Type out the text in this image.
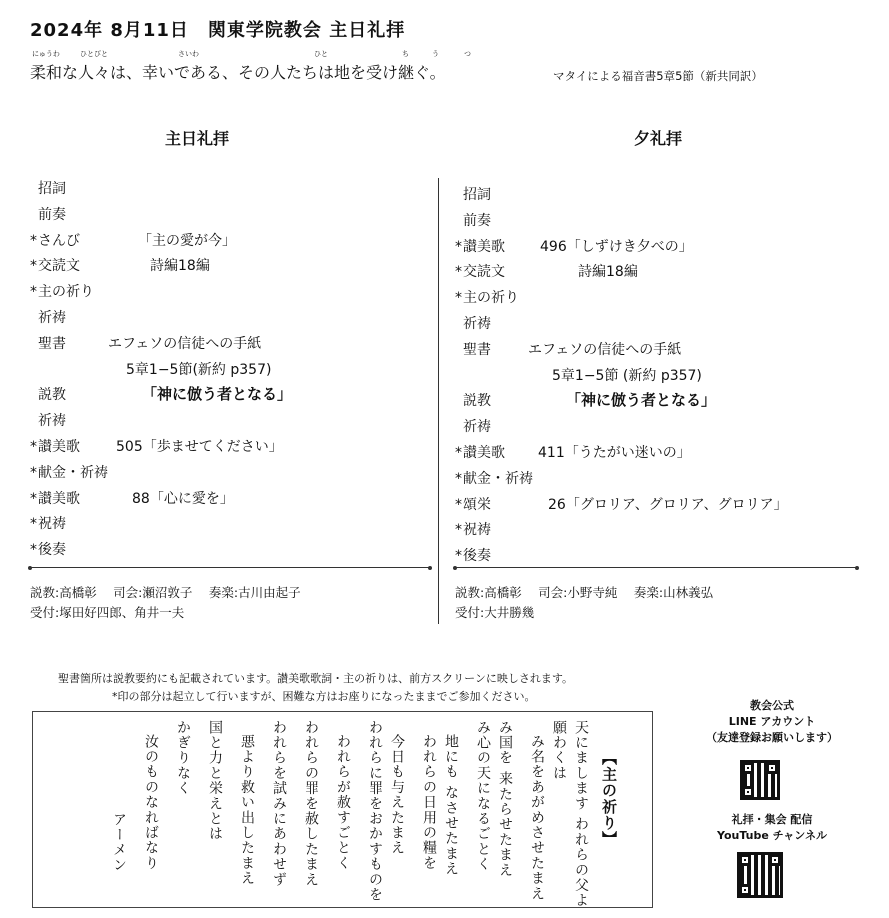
2024年 8月11日　関東学院教会 主日礼拝
にゅうわ	ひとびと	さいわ	ひと	ち	う	つ
柔和な人々は、幸いである、その人たちは地を受け継ぐ。	マタイによる福音書5章5節（新共同訳）
主日礼拝	夕礼拝
招詞
前奏
*さんび	「主の愛が今」
*交読文	詩編18編
*主の祈り
祈祷
聖書	エフェソの信徒への手紙
5章1−5節(新約 p357)
説教	「神に倣う者となる」
祈祷
*讃美歌	505「歩ませてください」
*献金・祈祷
*讃美歌	88「心に愛を」
*祝祷
*後奏
招詞
前奏
*讃美歌	496「しずけき夕べの」
*交読文	詩編18編
*主の祈り
祈祷
聖書	エフェソの信徒への手紙
5章1−5節 (新約 p357)
説教	「神に倣う者となる」
祈祷
*讃美歌 411「うたがい迷いの」
*献金・祈祷
*頌栄	26「グロリア、グロリア、グロリア」
*祝祷
*後奏
説教:高橋彰　 司会:瀬沼敦子　 奏楽:古川由起子
受付:塚田好四郎、角井一夫
説教:高橋彰　 司会:小野寺純　 奏楽:山林義弘
受付:大井勝幾
聖書箇所は説教要約にも記載されています。讃美歌歌詞・主の祈りは、前方スクリーンに映しされます。
*印の部分は起立して行いますが、困難な方はお座りになったままでご参加ください。
【主の祈り】
天にまします われらの父よ
願わくは
み名をあがめさせたまえ
み国を 来たらせたまえ
み心の天になるごとく
地にも なさせたまえ
われらの日用の糧を
今日も与えたまえ
われらに罪をおかすものを
われらが赦すごとく
われらの罪を赦したまえ
われらを試みにあわせず
悪より救い出したまえ
国と力と栄えとは
かぎりなく
汝のものなればなり
アーメン
教会公式
LINE アカウント
（友達登録お願いします）
礼拝・集会 配信
YouTube チャンネル
